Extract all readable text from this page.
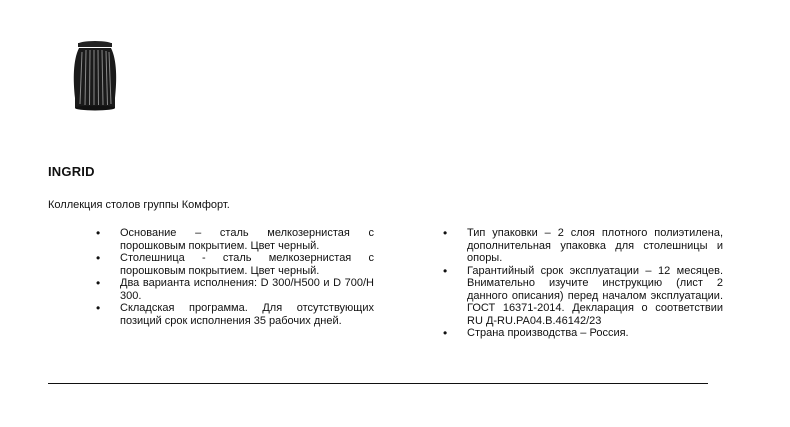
INGRID
Коллекция столов группы Комфорт.
• Основание – сталь мелкозернистая с порошковым покрытием. Цвет черный.
• Столешница - сталь мелкозернистая с порошковым покрытием. Цвет черный.
• Два варианта исполнения: D 300/H500 и D 700/H 300.
• Складская программа. Для отсутствующих позиций срок исполнения 35 рабочих дней.
• Тип упаковки – 2 слоя плотного полиэтилена, дополнительная упаковка для столешницы и опоры.
• Гарантийный срок эксплуатации – 12 месяцев. Внимательно изучите инструкцию (лист 2 данного описания) перед началом эксплуатации. ГОСТ 16371-2014. Декларация о соответствии RU Д-RU.PA04.B.46142/23
• Страна производства – Россия.
